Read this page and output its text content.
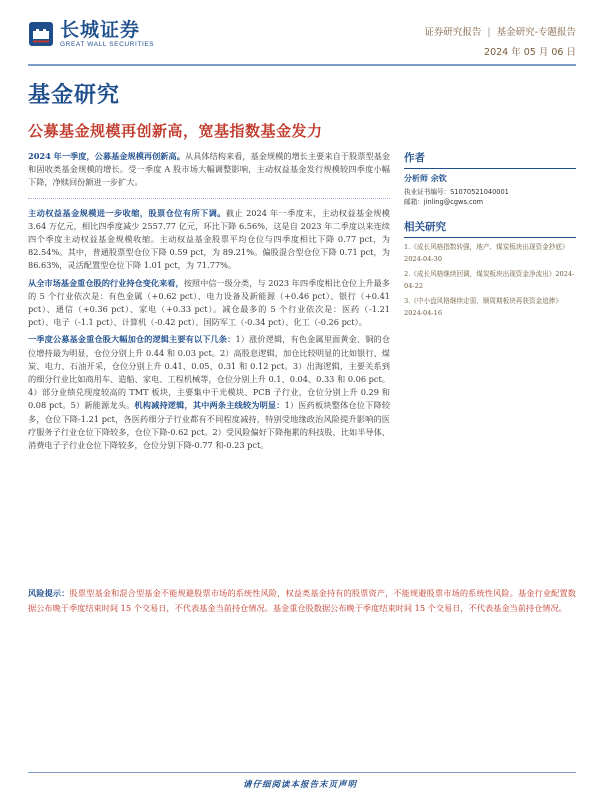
长城证券
GREAT WALL SECURITIES
证券研究报告 | 基金研究-专题报告
2024 年 05 月 06 日
基金研究
公募基金规模再创新高，宽基指数基金发力

2024 年一季度，公募基金规模再创新高。从具体结构来看，基金规模的增长主要来自于股票型基金和固收类基金规模的增长。受一季度 A 股市场大幅调整影响，主动权益基金发行规模较四季度小幅下降，净赎回份额进一步扩大。

主动权益基金规模进一步收缩，股票仓位有所下调。截止 2024 年一季度末，主动权益基金规模 3.64 万亿元，相比四季度减少 2557.77 亿元，环比下降 6.56%，这是自 2023 年二季度以来连续四个季度主动权益基金规模收缩。主动权益基金股票平均仓位与四季度相比下降 0.77 pct，为 82.54%。其中，普通股票型仓位下降 0.59 pct，为 89.21%。偏股混合型仓位下降 0.71 pct，为 86.63%，灵活配置型仓位下降 1.01 pct，为 71.77%。

从全市场基金重仓股的行业持仓变化来看，按照中信一级分类，与 2023 年四季度相比仓位上升最多的 5 个行业依次是：有色金属（+0.62 pct）、电力设备及新能源（+0.46 pct）、银行（+0.41 pct）、通信（+0.36 pct）、家电（+0.33 pct）。减仓最多的 5 个行业依次是：医药（-1.21 pct）、电子（-1.1 pct）、计算机（-0.42 pct）、国防军工（-0.34 pct）、化工（-0.26 pct）。

一季度公募基金重仓股大幅加仓的逻辑主要有以下几条：1）涨价逻辑，有色金属里面黄金、铜的仓位增持最为明显，仓位分别上升 0.44 和 0.03 pct。2）高股息逻辑，加仓比较明显的比如银行、煤炭、电力、石油开采，仓位分别上升 0.41、0.05、0.31 和 0.12 pct。3）出海逻辑，主要关系到的细分行业比如商用车、造船、家电、工程机械等，仓位分别上升 0.1、0.04、0.33 和 0.06 pct。4）部分业绩兑现度较高的 TMT 板块，主要集中于光模块、PCB 子行业，仓位分别上升 0.29 和 0.08 pct。5）新能源龙头。机构减持逻辑，其中两条主线较为明显：1）医药板块整体仓位下降较多，仓位下降-1.21 pct，各医药细分子行业都有不同程度减持，特别受地缘政治风险提升影响的医疗服务子行业仓位下降较多，仓位下降-0.62 pct。2）受风险偏好下降拖累的科技股，比如半导体、消费电子子行业仓位下降较多，仓位分别下降-0.77 和-0.23 pct。

作者
分析师 余钦
执业证书编号：S1070521040001
邮箱：jinling@cgws.com
相关研究
1.《成长风格指数转强，地产、煤炭板块出现资金抄底》2024-04-30
2.《成长风格继续回调，煤炭板块出现资金净流出》2024-04-22
3.《中小盘风格继续走弱，顺周期板块再获资金追捧》2024-04-16
风险提示：股票型基金和混合型基金不能规避股票市场的系统性风险，权益类基金持有的股票资产，不能规避股票市场的系统性风险。基金行业配置数据公布晚于季度结束时间 15 个交易日，不代表基金当前持仓情况。基金重仓股数据公布晚于季度结束时间 15 个交易日，不代表基金当前持仓情况。
请仔细阅读本报告末页声明
